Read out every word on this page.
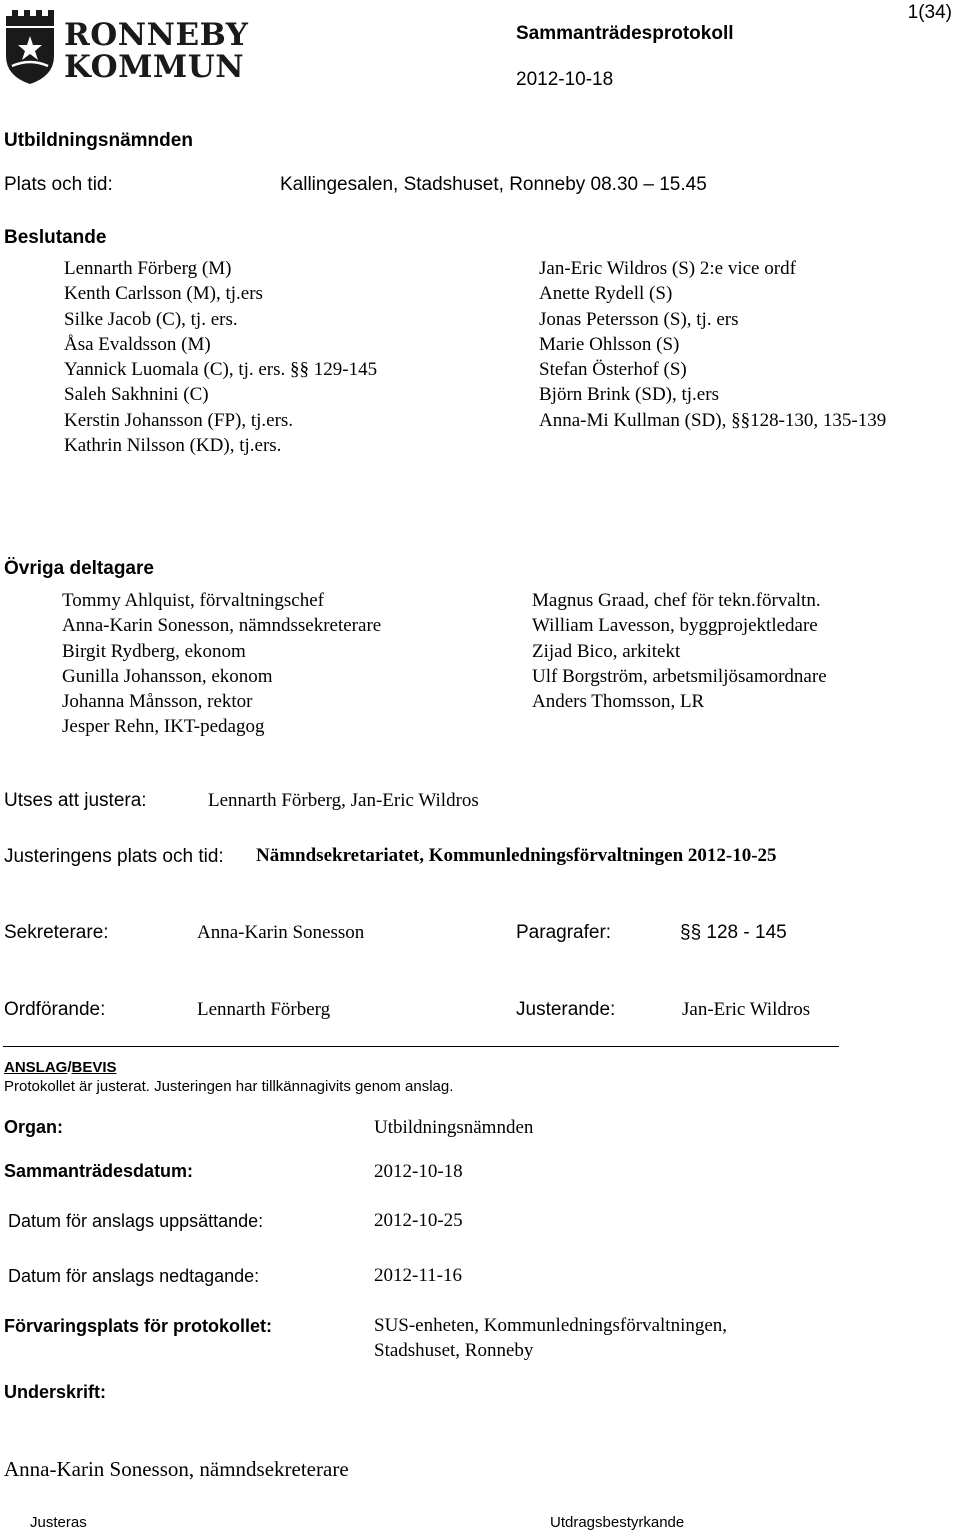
RONNEBY
KOMMUN
1(34)
Sammanträdesprotokoll
2012-10-18
Utbildningsnämnden
Plats och tid:	Kallingesalen, Stadshuset, Ronneby 08.30 – 15.45
Beslutande
Lennarth Förberg (M)
Kenth Carlsson (M), tj.ers
Silke Jacob (C), tj. ers.
Åsa Evaldsson (M)
Yannick Luomala (C), tj. ers. §§ 129-145
Saleh Sakhnini (C)
Kerstin Johansson (FP), tj.ers.
Kathrin Nilsson (KD), tj.ers.
Jan-Eric Wildros (S) 2:e vice ordf
Anette Rydell (S)
Jonas Petersson (S), tj. ers
Marie Ohlsson (S)
Stefan Österhof (S)
Björn Brink (SD), tj.ers
Anna-Mi Kullman (SD), §§128-130, 135-139
Övriga deltagare
Tommy Ahlquist, förvaltningschef
Anna-Karin Sonesson, nämndssekreterare
Birgit Rydberg, ekonom
Gunilla Johansson, ekonom
Johanna Månsson, rektor
Jesper Rehn, IKT-pedagog
Magnus Graad, chef för tekn.förvaltn.
William Lavesson, byggprojektledare
Zijad Bico, arkitekt
Ulf Borgström, arbetsmiljösamordnare
Anders Thomsson, LR
Utses att justera:	Lennarth Förberg, Jan-Eric Wildros
Justeringens plats och tid: Nämndsekretariatet, Kommunledningsförvaltningen 2012-10-25
Sekreterare:	Anna-Karin Sonesson	Paragrafer:	§§ 128 - 145
Ordförande:	Lennarth Förberg	Justerande:	Jan-Eric Wildros
ANSLAG/BEVIS
Protokollet är justerat. Justeringen har tillkännagivits genom anslag.
Organ:	Utbildningsnämnden
Sammanträdesdatum:	2012-10-18
Datum för anslags uppsättande:	2012-10-25
Datum för anslags nedtagande:	2012-11-16
Förvaringsplats för protokollet:	SUS-enheten, Kommunledningsförvaltningen,
Stadshuset, Ronneby
Underskrift:
Anna-Karin Sonesson, nämndsekreterare
Justeras	Utdragsbestyrkande
